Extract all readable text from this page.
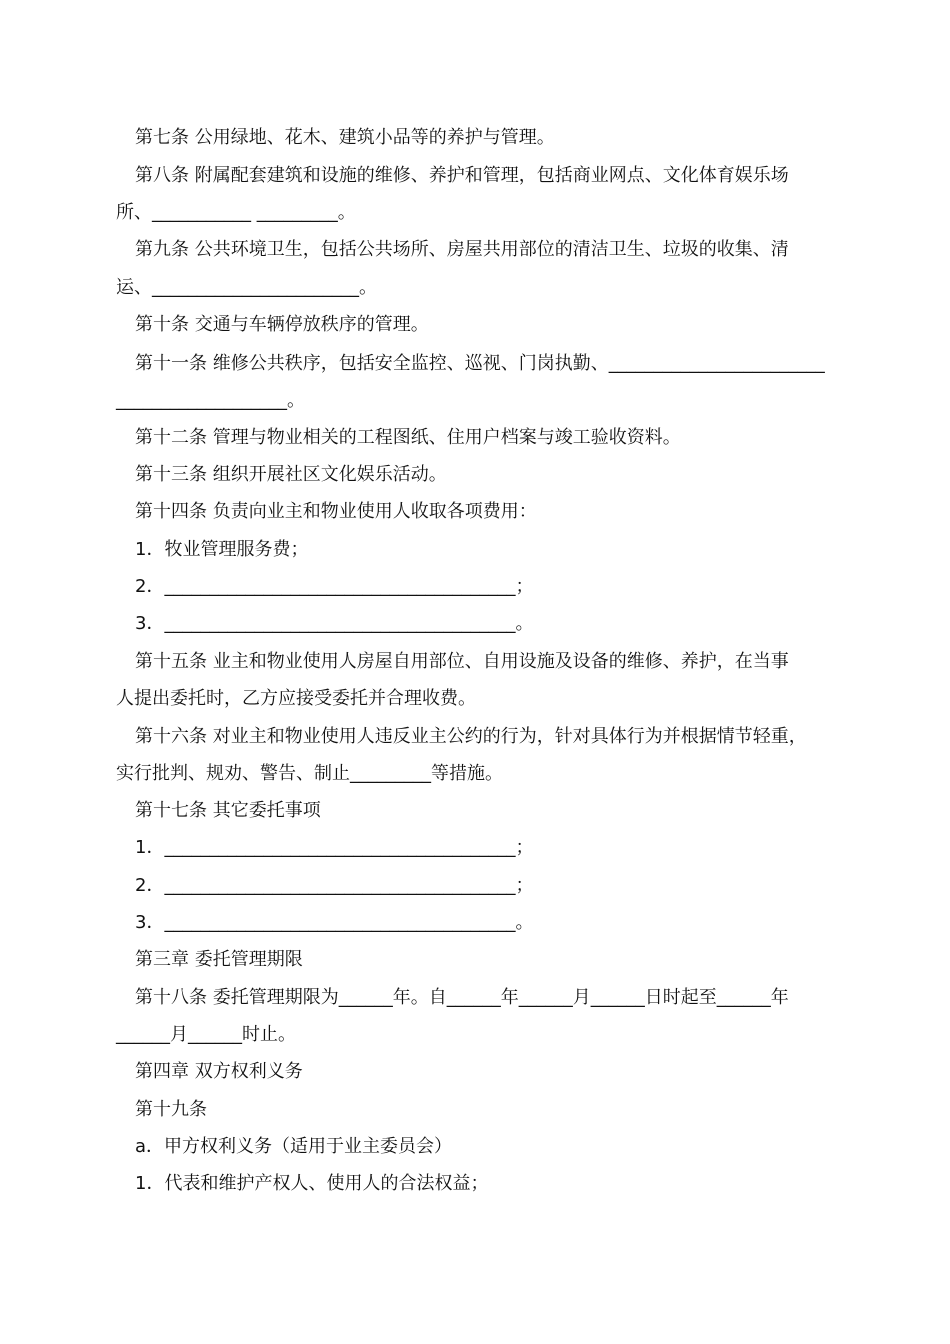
第七条 公用绿地、花木、建筑小品等的养护与管理。
第八条 附属配套建筑和设施的维修、养护和管理，包括商业网点、文化体育娱乐场
所、___________ _________。
第九条 公共环境卫生，包括公共场所、房屋共用部位的清洁卫生、垃圾的收集、清
运、_______________________。
第十条 交通与车辆停放秩序的管理。
第十一条 维修公共秩序，包括安全监控、巡视、门岗执勤、________________________
___________________。
第十二条 管理与物业相关的工程图纸、住用户档案与竣工验收资料。
第十三条 组织开展社区文化娱乐活动。
第十四条 负责向业主和物业使用人收取各项费用：
1．牧业管理服务费；
2．_______________________________________；
3．_______________________________________。
第十五条 业主和物业使用人房屋自用部位、自用设施及设备的维修、养护，在当事
人提出委托时，乙方应接受委托并合理收费。
第十六条 对业主和物业使用人违反业主公约的行为，针对具体行为并根据情节轻重，
实行批判、规劝、警告、制止_________等措施。
第十七条 其它委托事项
1．_______________________________________；
2．_______________________________________；
3．_______________________________________。
第三章 委托管理期限
第十八条 委托管理期限为______年。自______年______月______日时起至______年
______月______时止。
第四章 双方权利义务
第十九条
a．甲方权利义务（适用于业主委员会）
1．代表和维护产权人、使用人的合法权益；
